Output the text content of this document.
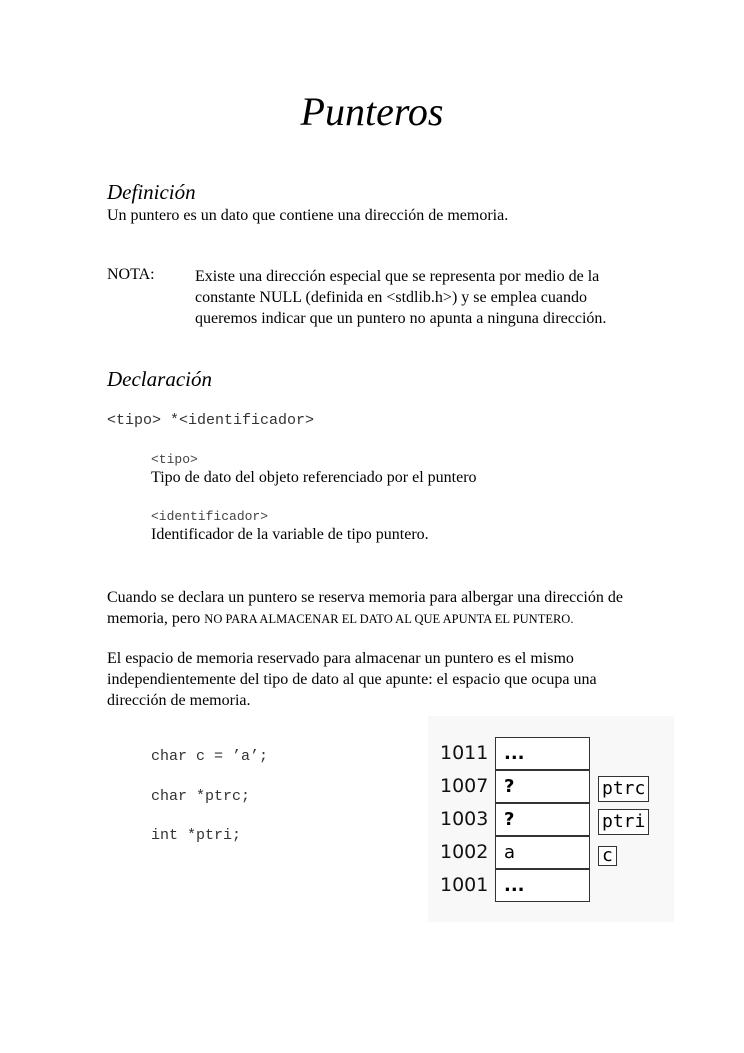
Punteros
Definición
Un puntero es un dato que contiene una dirección de memoria.
NOTA:	Existe una dirección especial que se representa por medio de la
constante NULL (definida en <stdlib.h>) y se emplea cuando
queremos indicar que un puntero no apunta a ninguna dirección.
Declaración
<tipo> *<identificador>
<tipo>
Tipo de dato del objeto referenciado por el puntero
<identificador>
Identificador de la variable de tipo puntero.
Cuando se declara un puntero se reserva memoria para albergar una dirección de
memoria, pero NO PARA ALMACENAR EL DATO AL QUE APUNTA EL PUNTERO.
El espacio de memoria reservado para almacenar un puntero es el mismo
independientemente del tipo de dato al que apunte: el espacio que ocupa una
dirección de memoria.
char c = ’a’;
char *ptrc;
int *ptri;
1011 ...
1007 ?	ptrc
1003 ?	ptri
1002 a	c
1001 ...
